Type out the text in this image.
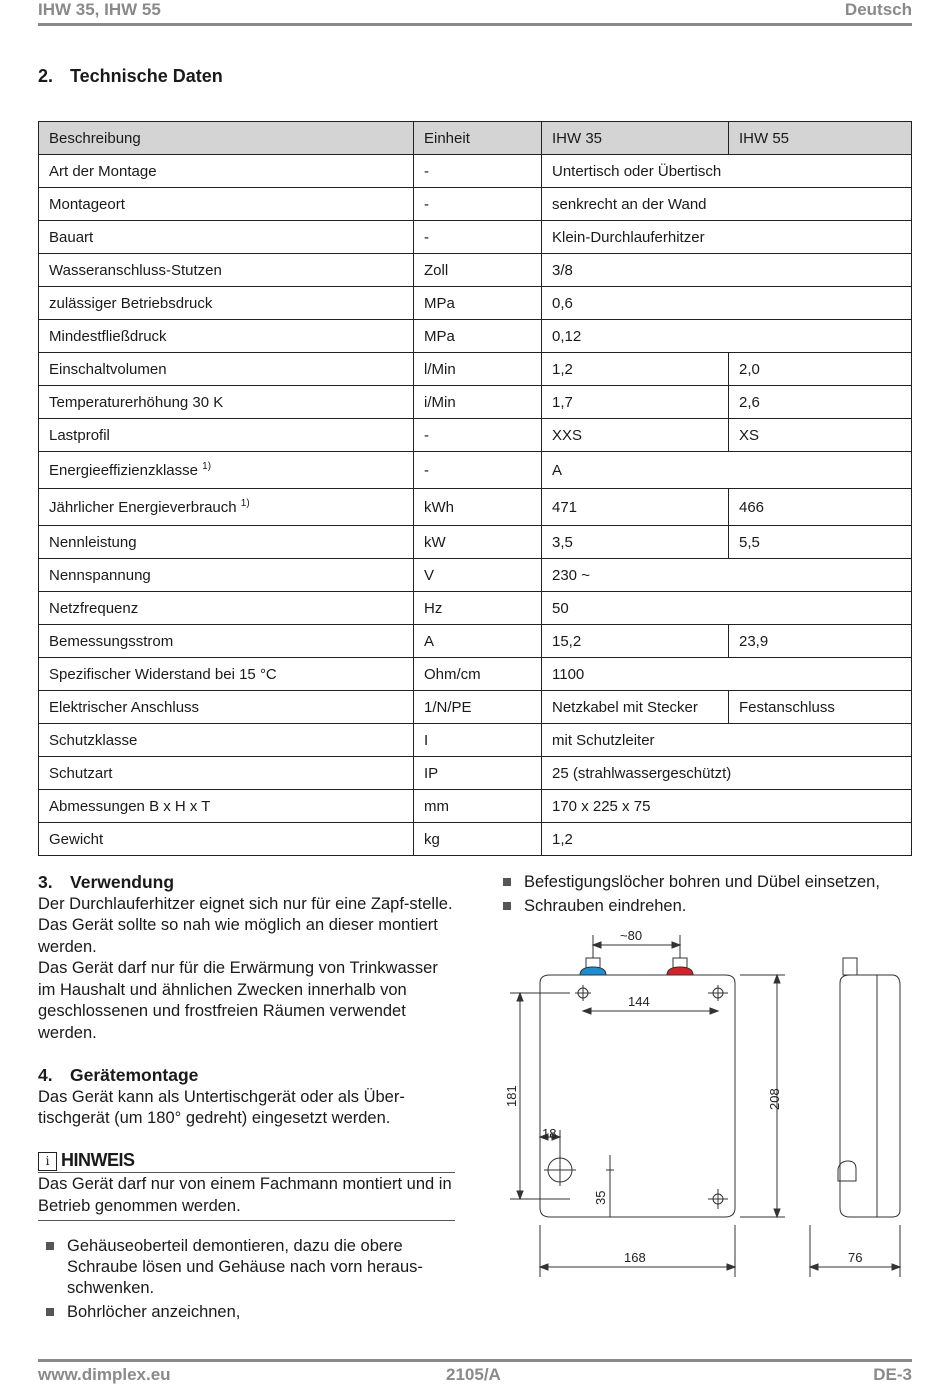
IHW 35, IHW 55	Deutsch
2. Technische Daten
Beschreibung	Einheit	IHW 35	IHW 55
Art der Montage	-	Untertisch oder Übertisch	
Montageort	-	senkrecht an der Wand	
Bauart	-	Klein-Durchlauferhitzer	
Wasseranschluss-Stutzen	Zoll	3/8	
zulässiger Betriebsdruck	MPa	0,6	
Mindestfließdruck	MPa	0,12	
Einschaltvolumen	l/Min	1,2	2,0
Temperaturerhöhung 30 K	i/Min	1,7	2,6
Lastprofil	-	XXS	XS
Energieeffizienzklasse $^{1)}$	-	A	
Jährlicher Energieverbrauch $^{1)}$	kWh	471	466
Nennleistung	kW	3,5	5,5
Nennspannung	V	230 ~	
Netzfrequenz	Hz	50	
Bemessungsstrom	A	15,2	23,9
Spezifischer Widerstand bei 15 °C	Ohm/cm	1100	
Elektrischer Anschluss	1/N/PE	Netzkabel mit Stecker	Festanschluss
Schutzklasse	I	mit Schutzleiter	
Schutzart	IP	25 (strahlwassergeschützt)	
Abmessungen B x H x T	mm	170 x 225 x 75	
Gewicht	kg	1,2	
3. Verwendung

Der Durchlauferhitzer eignet sich nur für eine Zapf-stelle. Das Gerät sollte so nah wie möglich an dieser montiert werden.

Das Gerät darf nur für die Erwärmung von Trinkwasser im Haushalt und ähnlichen Zwecken innerhalb von geschlossenen und frostfreien Räumen verwendet werden.

4. Gerätemontage

Das Gerät kann als Untertischgerät oder als Über-tischgerät (um 180° gedreht) eingesetzt werden.

i HINWEIS
Das Gerät darf nur von einem Fachmann montiert und in Betrieb genommen werden.
Gehäuseoberteil demontieren, dazu die obere Schraube lösen und Gehäuse nach vorn heraus-schwenken.
Bohrlöcher anzeichnen,
Befestigungslöcher bohren und Dübel einsetzen,
Schrauben eindrehen.
~80
144
181	208
18
35
168	76
www.dimplex.eu	2105/A	DE-3
